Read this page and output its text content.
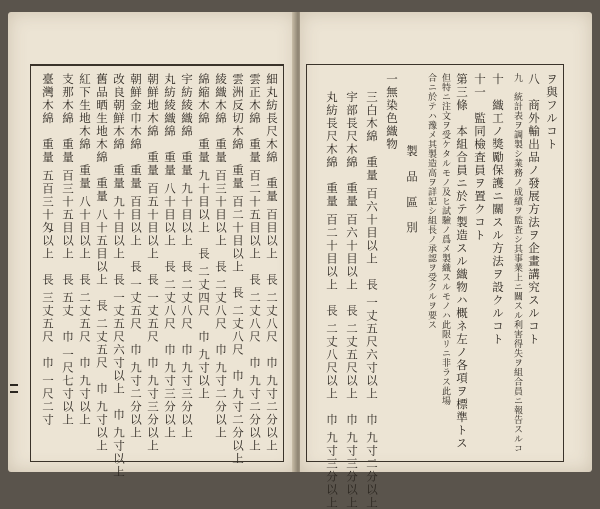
細丸紡長尺木綿　重量 百目以上　長 二丈八尺　巾 九寸二分以上
雲正木綿　重量 百二十五目以上　長 二丈八尺　巾 九寸二分以上
雲洲反切木綿　重量 百二十目以上　長 二丈八尺　巾 九寸二分以上
綾織木綿　重量 百三十目以上　長 二丈八尺　巾 九寸二分以上
綿縮木綿　重量 九十目以上　長 二丈四尺　巾 九寸以上
宇紡綾織綿　重量 九十目以上　長 二丈八尺　巾 九寸三分以上
丸紡綾織綿　重量 八十目以上　長 二丈八尺　巾 九寸三分以上
朝鮮地木綿　重量 百五十目以上　長 一丈五尺　巾 九寸三分以上
朝鮮金巾木綿　重量 百目以上　長 一丈五尺　巾 九寸二分以上
改良朝鮮木綿　重量 九十目以上　長 一丈五尺六寸以上　巾 九寸以上
舊品晒生地木綿　重量 八十五目以上　長 二丈五尺　巾 九寸以上
紅下生地木綿　重量 八十目以上　長 二丈五尺　巾 九寸以上
支那木綿　重量 百三十五目以上　長 五丈　巾 一尺七寸以上
臺灣木綿　重量 五百三十匁以上　長 三丈五尺　巾 一尺二寸
ヲ與フルコト
八　商外輸出品ノ發展方法ヲ企畫講究スルコト
九　統計表ヲ調製シ業務ノ成績ヲ監査シ其事業上ニ關スル利害得失ヲ組合員ニ報告スルコ
十　織工ノ獎勵保護ニ關スル方法ヲ設クルコト
十一　監同檢査員ヲ置クコト
第三條　本組合員ニ於テ製造スル織物ハ概ネ左ノ各項ヲ標準トス
但特ニ注文ヲ受ケタルモノ及ヒ試驗ノ爲メ製織スルモノハ此限リニ非ラス此場
合ニ於テハ豫メ其製造高ヲ詳記シ組長ノ承認ヲ受クルヲ要ス
製品區別
一無染色織物
三白木綿　重量 百六十目以上　長 一丈五尺六寸以上　巾 九寸二分以上
宇部長尺木綿　重量 百六十目以上　長 二丈五尺以上　巾 九寸三分以上
丸紡長尺木綿　重量 百二十目以上　長 二丈八尺以上　巾 九寸三分以上
